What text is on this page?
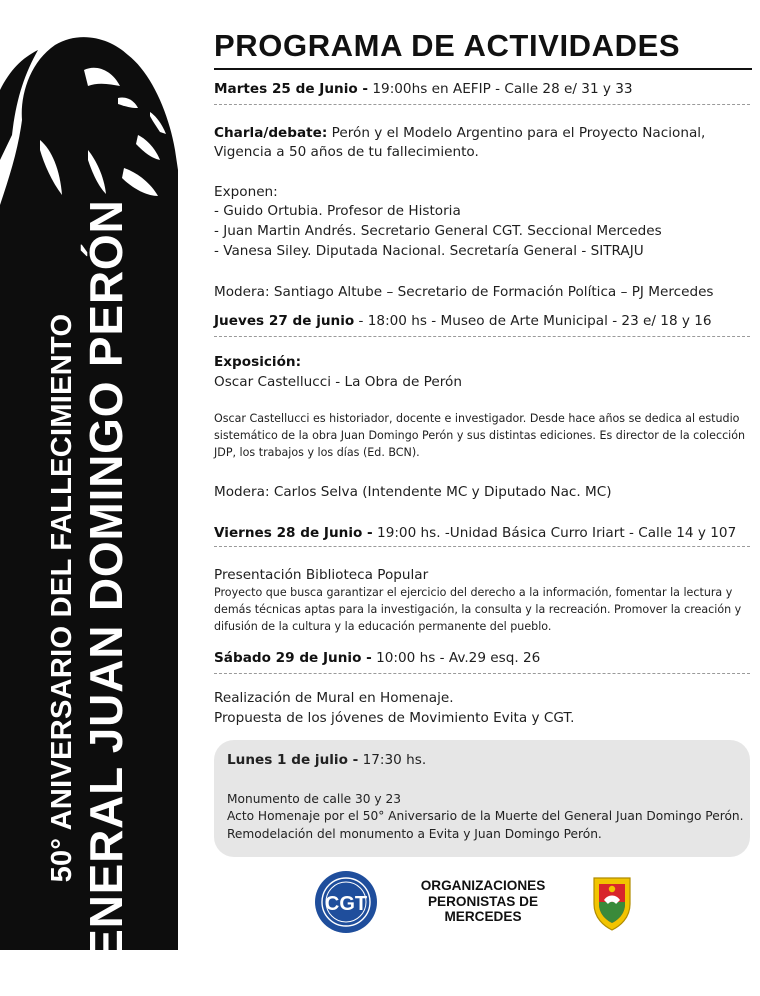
50° ANIVERSARIO DEL FALLECIMIENTO GENERAL JUAN DOMINGO PERÓN
PROGRAMA DE ACTIVIDADES
Martes 25 de Junio - 19:00hs en AEFIP - Calle 28 e/ 31 y 33
Charla/debate: Perón y el Modelo Argentino para el Proyecto Nacional,
Vigencia a 50 años de tu fallecimiento.
Exponen:
- Guido Ortubia. Profesor de Historia
- Juan Martin Andrés. Secretario General CGT. Seccional Mercedes
- Vanesa Siley. Diputada Nacional. Secretaría General - SITRAJU
Modera: Santiago Altube – Secretario de Formación Política – PJ Mercedes
Jueves 27 de junio - 18:00 hs - Museo de Arte Municipal - 23 e/ 18 y 16
Exposición:
Oscar Castellucci - La Obra de Perón
Oscar Castellucci es historiador, docente e investigador. Desde hace años se dedica al estudio sistemático de la obra Juan Domingo Perón y sus distintas ediciones. Es director de la colección JDP, los trabajos y los días (Ed. BCN).
Modera: Carlos Selva (Intendente MC y Diputado Nac. MC)
Viernes 28 de Junio - 19:00 hs. -Unidad Básica Curro Iriart - Calle 14 y 107
Presentación Biblioteca Popular
Proyecto que busca garantizar el ejercicio del derecho a la información, fomentar la lectura y demás técnicas aptas para la investigación, la consulta y la recreación. Promover la creación y difusión de la cultura y la educación permanente del pueblo.
Sábado 29 de Junio - 10:00 hs - Av.29 esq. 26
Realización de Mural en Homenaje.
Propuesta de los jóvenes de Movimiento Evita y CGT.
Lunes 1 de julio - 17:30 hs.
Monumento de calle 30 y 23
Acto Homenaje por el 50° Aniversario de la Muerte del General Juan Domingo Perón.
Remodelación del monumento a Evita y Juan Domingo Perón.
CGT
ORGANIZACIONES
PERONISTAS DE
MERCEDES
